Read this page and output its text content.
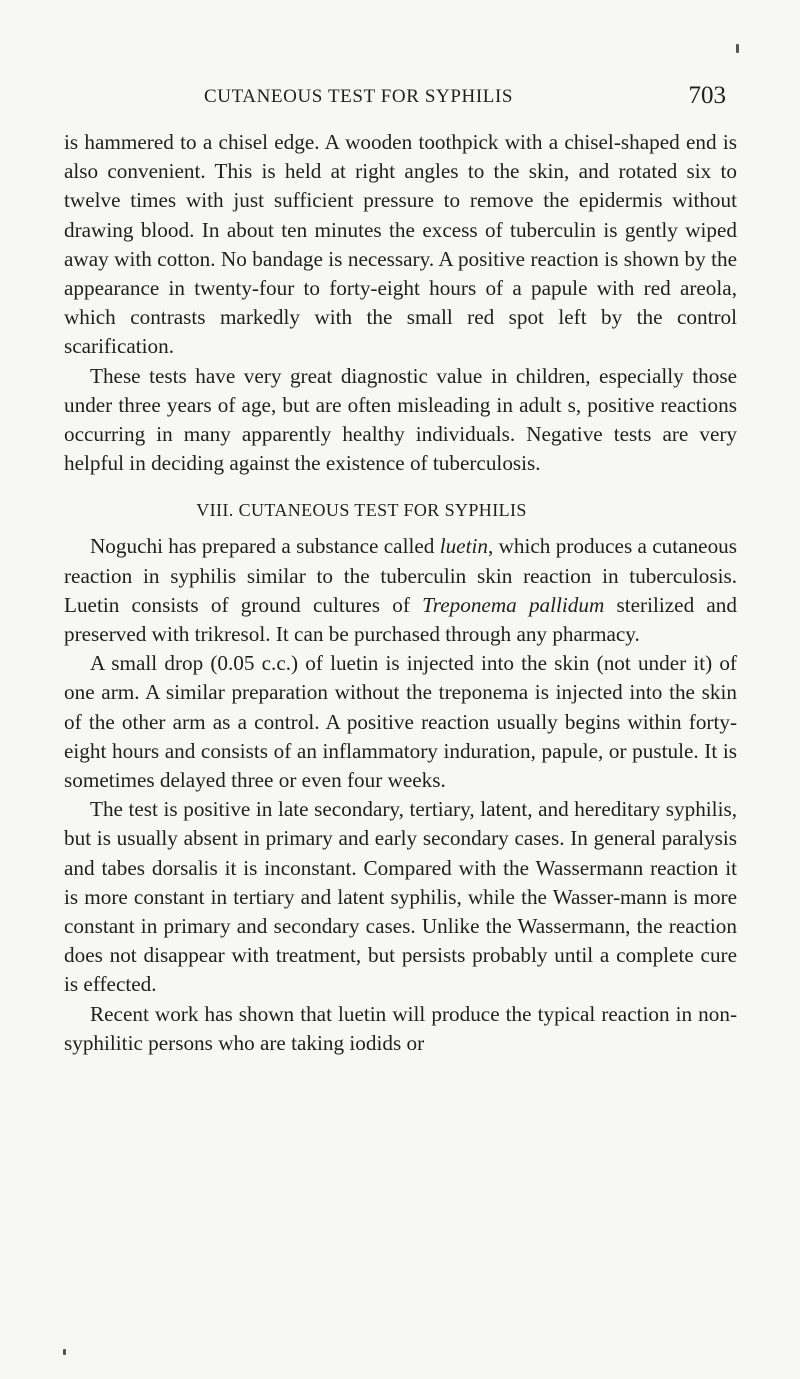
CUTANEOUS TEST FOR SYPHILIS	703

is hammered to a chisel edge. A wooden toothpick with a chisel-shaped end is also convenient. This is held at right angles to the skin, and rotated six to twelve times with just sufficient pressure to remove the epidermis without drawing blood. In about ten minutes the excess of tuberculin is gently wiped away with cotton. No bandage is necessary. A positive reaction is shown by the appearance in twenty-four to forty-eight hours of a papule with red areola, which contrasts markedly with the small red spot left by the control scarification.

These tests have very great diagnostic value in children, especially those under three years of age, but are often misleading in adult s, positive reactions occurring in many apparently healthy individuals. Negative tests are very helpful in deciding against the existence of tuberculosis.

VIII. CUTANEOUS TEST FOR SYPHILIS

Noguchi has prepared a substance called luetin, which produces a cutaneous reaction in syphilis similar to the tuberculin skin reaction in tuberculosis. Luetin consists of ground cultures of Treponema pallidum sterilized and preserved with trikresol. It can be purchased through any pharmacy.

A small drop (0.05 c.c.) of luetin is injected into the skin (not under it) of one arm. A similar preparation without the treponema is injected into the skin of the other arm as a control. A positive reaction usually begins within forty-eight hours and consists of an inflammatory induration, papule, or pustule. It is sometimes delayed three or even four weeks.

The test is positive in late secondary, tertiary, latent, and hereditary syphilis, but is usually absent in primary and early secondary cases. In general paralysis and tabes dorsalis it is inconstant. Compared with the Wassermann reaction it is more constant in tertiary and latent syphilis, while the Wasser-mann is more constant in primary and secondary cases. Unlike the Wassermann, the reaction does not disappear with treatment, but persists probably until a complete cure is effected.

Recent work has shown that luetin will produce the typical reaction in non-syphilitic persons who are taking iodids or
